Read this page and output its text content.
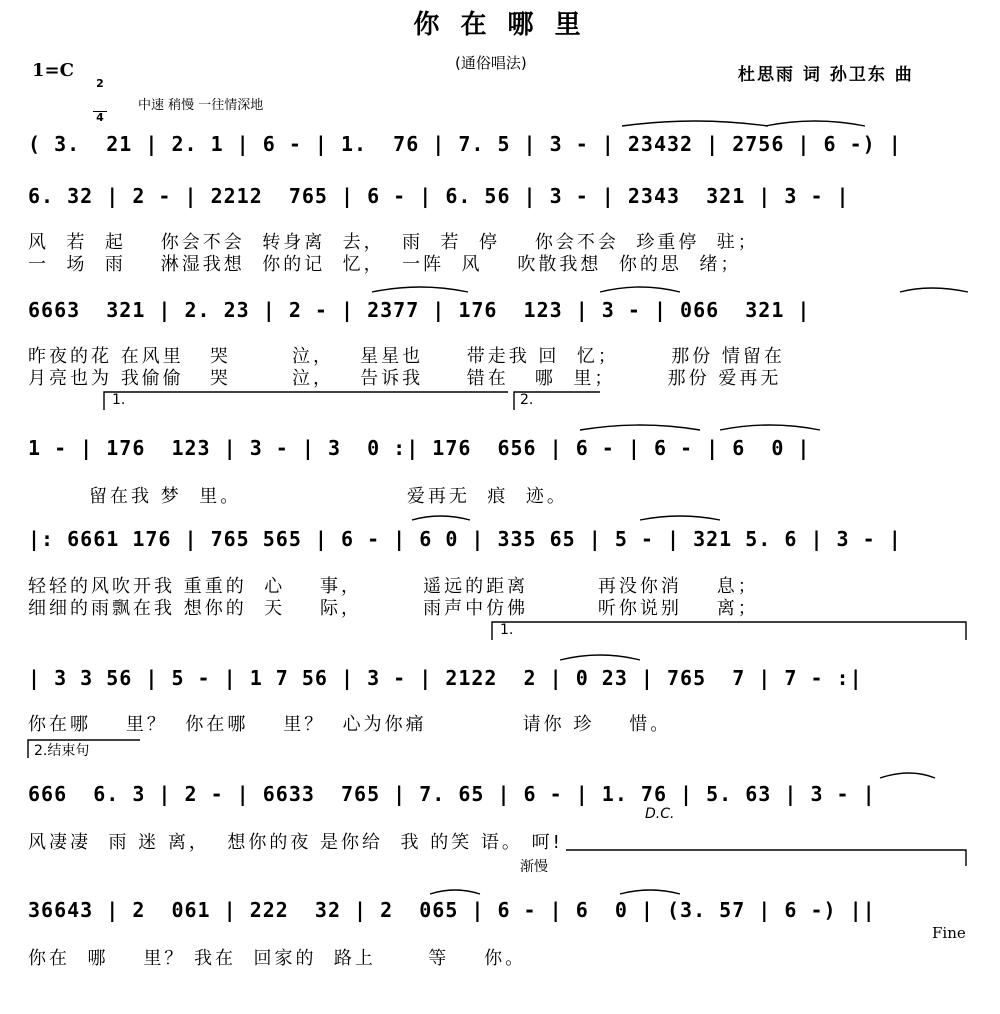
你 在 哪 里
(通俗唱法)
1=C

2

4

杜思雨 词 孙卫东 曲
中速 稍慢 一往情深地
( 3.  21 | 2. 1 | 6 - | 1.  76 | 7. 5 | 3 - | 23432 | 2756 | 6 -) |
6. 32 | 2 - | 2212  765 | 6 - | 6. 56 | 3 - | 2343  321 | 3 - |
风  若  起    你会不会  转身离  去，  雨  若  停    你会不会  珍重停  驻；
一  场  雨    淋湿我想  你的记  忆，  一阵  风    吹散我想  你的思  绪；
6663  321 | 2. 23 | 2 - | 2377 | 176  123 | 3 - | 066  321 |
昨夜的花 在风里   哭       泣，   星星也     带走我 回  忆；      那份 情留在
月亮也为 我偷偷   哭       泣，   告诉我     错在   哪  里；      那份 爱再无
1.	2.
1 - | 176  123 | 3 - | 3  0 :| 176  656 | 6 - | 6 - | 6  0 |
留在我 梦  里。                   爱再无  痕  迹。
|: 6661 176 | 765 565 | 6 - | 6 0 | 335 65 | 5 - | 321 5. 6 | 3 - |
轻轻的风吹开我 重重的  心    事，       遥远的距离        再没你消    息；
细细的雨飘在我 想你的  天    际，       雨声中仿佛        听你说别    离；
1.
| 3 3 56 | 5 - | 1 7 56 | 3 - | 2122  2 | 0 23 | 765  7 | 7 - :|
你在哪    里？  你在哪    里？  心为你痛           请你 珍    惜。
2.结束句
666  6. 3 | 2 - | 6633  765 | 7. 65 | 6 - | 1. 76 | 5. 63 | 3 - |
D.C.
风凄凄  雨 迷 离，  想你的夜 是你给  我 的笑 语。 呵!
渐慢
36643 | 2  061 | 222  32 | 2  065 | 6 - | 6  0 | (3. 57 | 6 -) ||
Fine
你在  哪    里？ 我在  回家的  路上      等    你。
